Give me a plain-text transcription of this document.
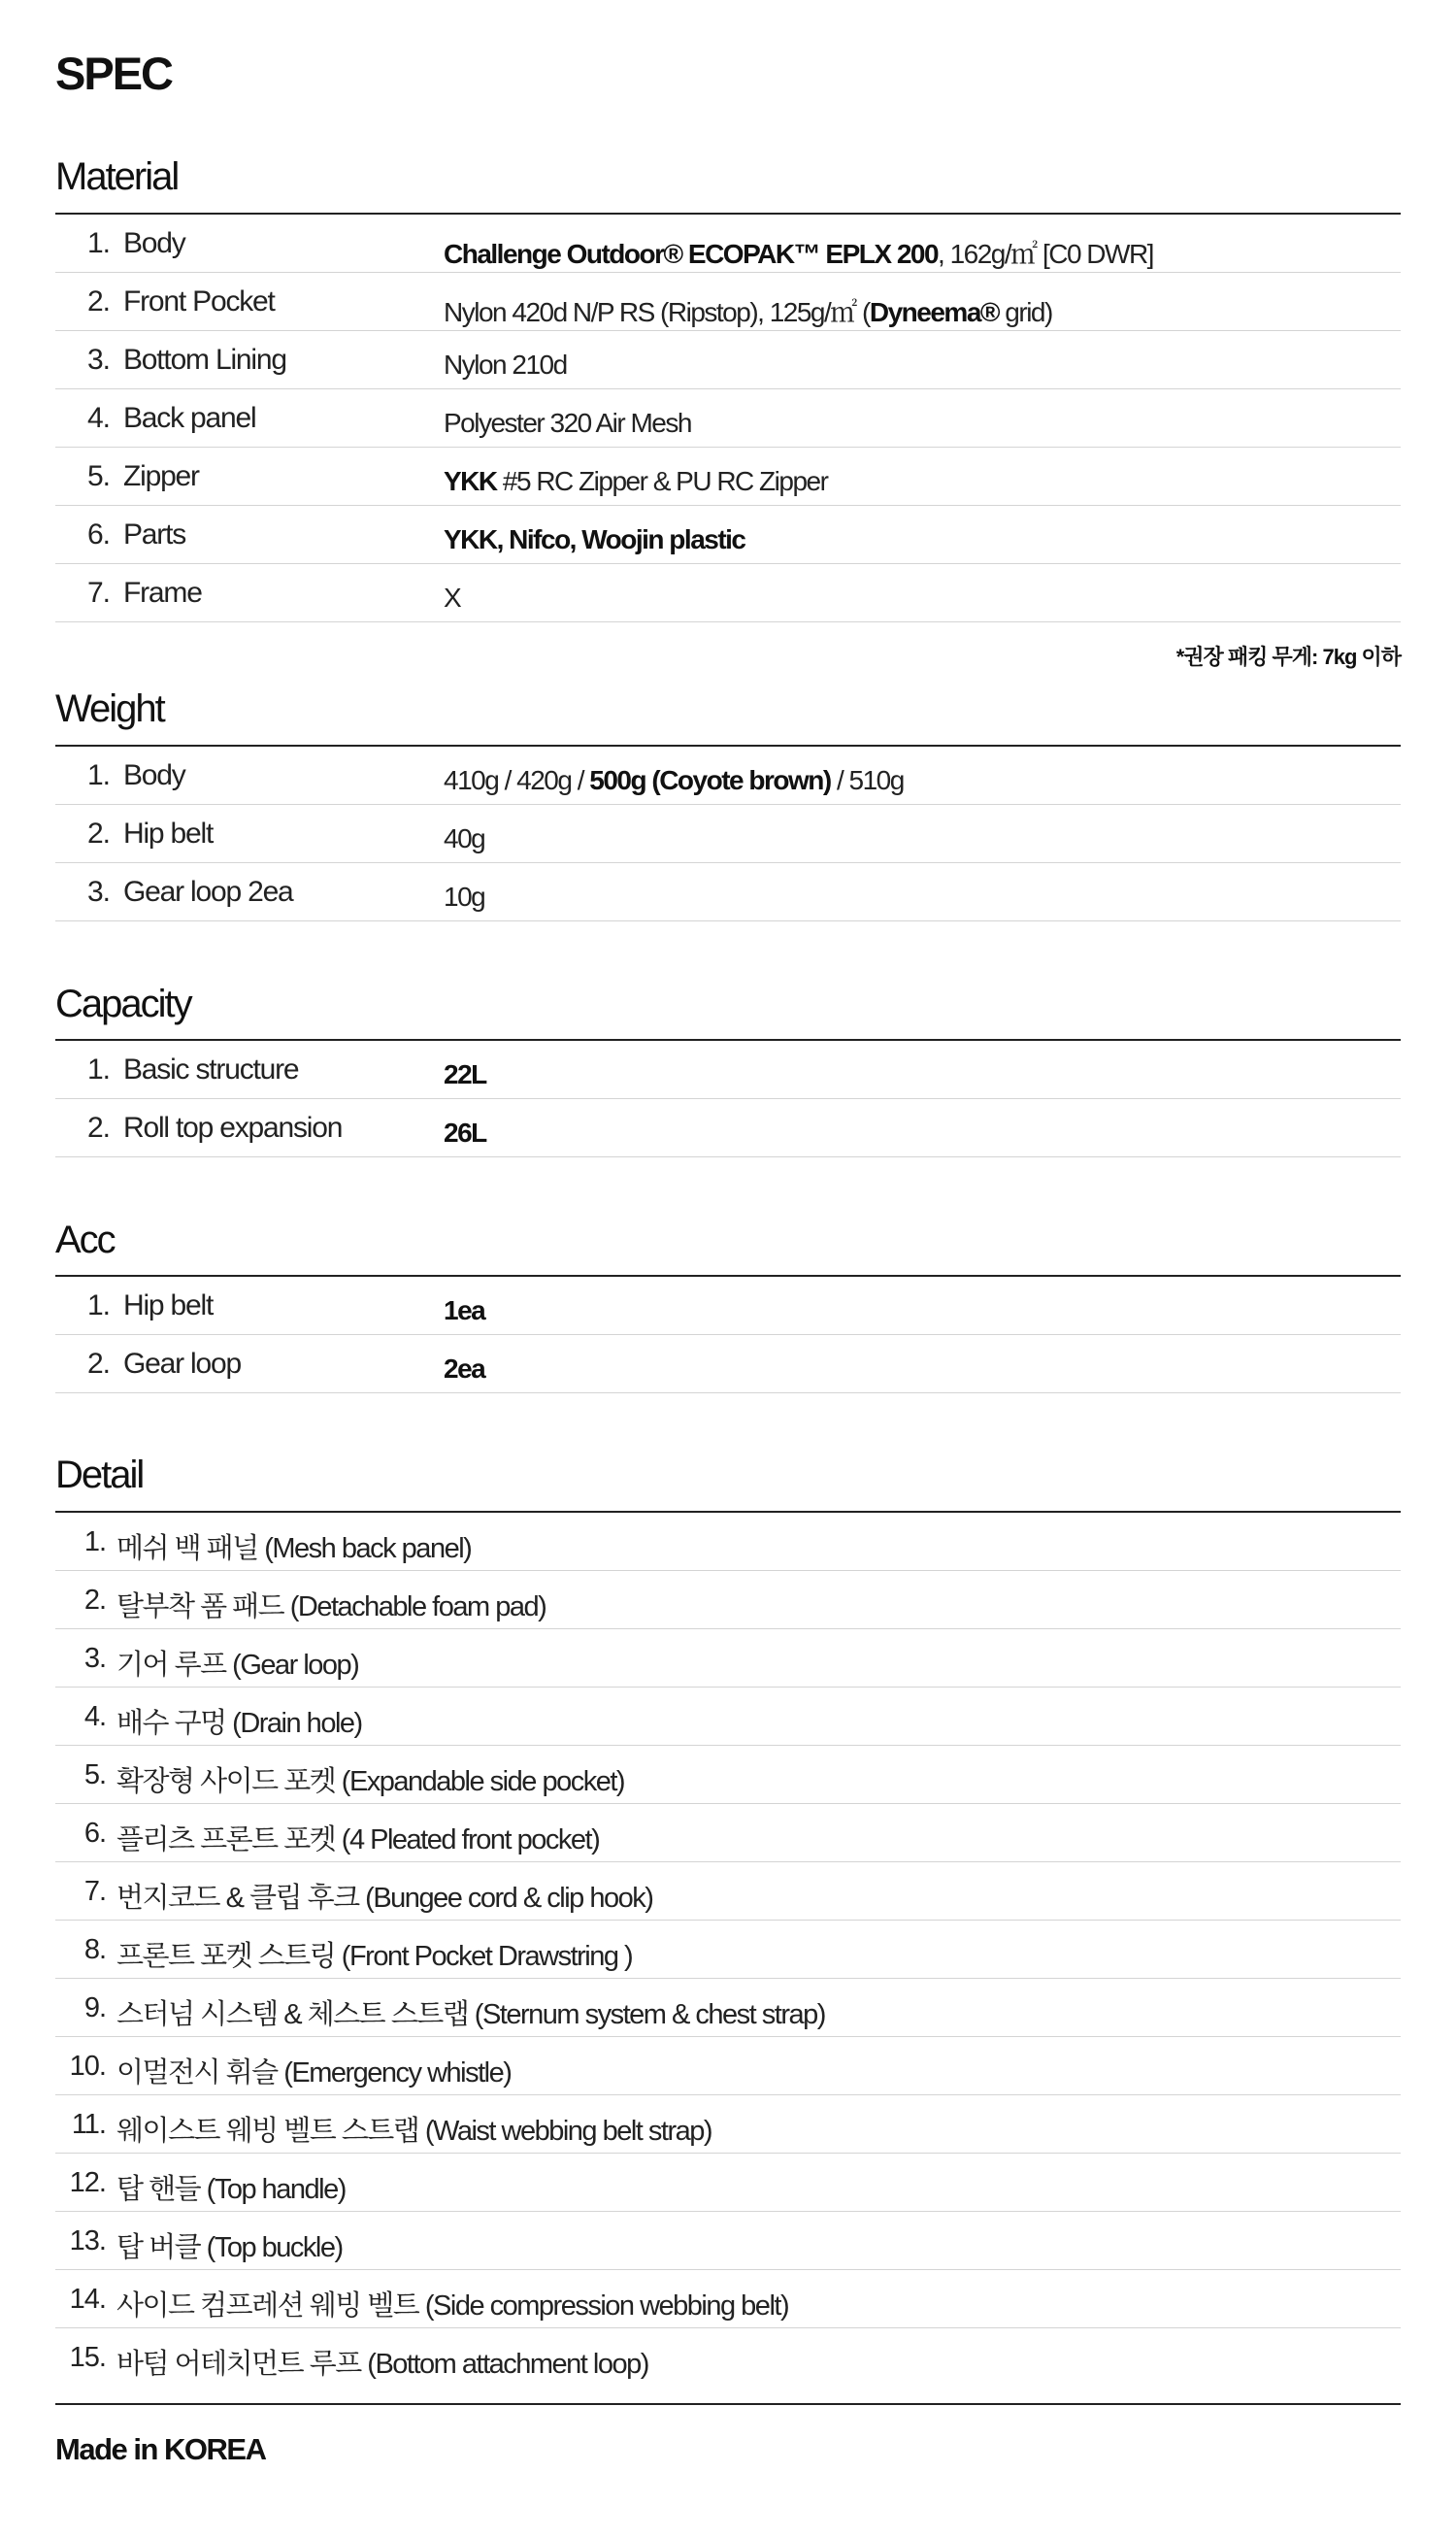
SPEC
Material
1. Body	Challenge Outdoor® ECOPAK™ EPLX 200, 162g/㎡ [C0 DWR]
2. Front Pocket	Nylon 420d N/P RS (Ripstop), 125g/㎡ (Dyneema® grid)
3. Bottom Lining	Nylon 210d
4. Back panel	Polyester 320 Air Mesh
5. Zipper	YKK #5 RC Zipper & PU RC Zipper
6. Parts	YKK, Nifco, Woojin plastic
7. Frame	X
*권장 패킹 무게: 7kg 이하
Weight
1. Body	410g / 420g / 500g (Coyote brown) / 510g
2. Hip belt	40g
3. Gear loop 2ea	10g
Capacity
1. Basic structure	22L
2. Roll top expansion	26L
Acc
1. Hip belt	1ea
2. Gear loop	2ea
Detail
1. 메쉬 백 패널 (Mesh back panel)
2. 탈부착 폼 패드 (Detachable foam pad)
3. 기어 루프 (Gear loop)
4. 배수 구멍 (Drain hole)
5. 확장형 사이드 포켓 (Expandable side pocket)
6. 플리츠 프론트 포켓 (4 Pleated front pocket)
7. 번지코드 & 클립 후크 (Bungee cord & clip hook)
8. 프론트 포켓 스트링 (Front Pocket Drawstring )
9. 스터넘 시스템 & 체스트 스트랩 (Sternum system & chest strap)
10. 이멀전시 휘슬 (Emergency whistle)
11. 웨이스트 웨빙 벨트 스트랩 (Waist webbing belt strap)
12. 탑 핸들 (Top handle)
13. 탑 버클 (Top buckle)
14. 사이드 컴프레션 웨빙 벨트 (Side compression webbing belt)
15. 바텀 어테치먼트 루프 (Bottom attachment loop)
Made in KOREA
